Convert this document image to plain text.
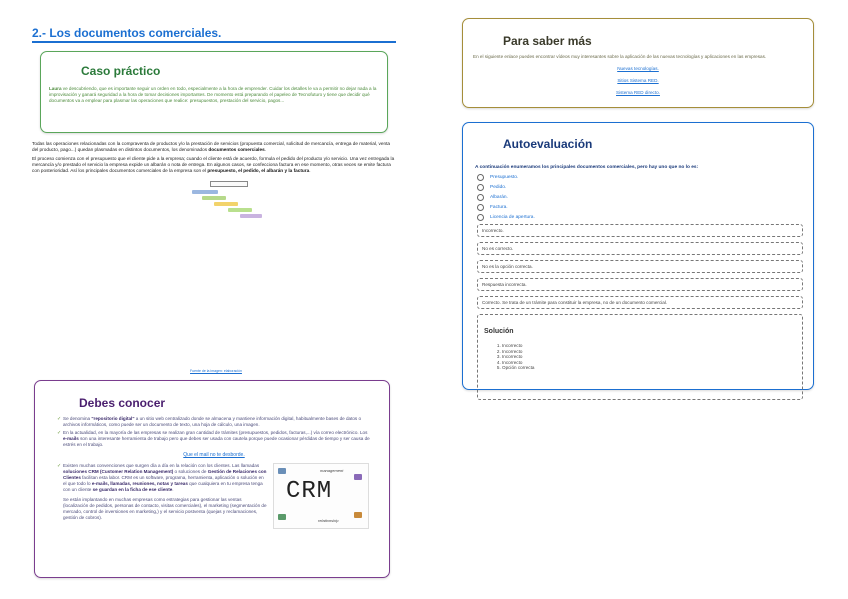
2.- Los documentos comerciales.
Caso práctico

Laura ve descubriendo, que es importante seguir un orden en todo, especialmente a la hora de emprender. Cuidar los detalles le va a permitir no dejar nada a la improvisación y ganará seguridad a la hora de tomar decisiones importantes. De momento está preparando el papeleo de Tecnofuturo y tiene que decidir qué documentos va a emplear para plasmar las operaciones que realice: presupuestos, prestación del servicio, pagos...

Todas las operaciones relacionadas con la compraventa de productos y/o la prestación de servicios (propuesta comercial, solicitud de mercancía, entrega de material, venta del producto, pago...) quedan plasmadas en distintos documentos, los denominados documentos comerciales.

El proceso comienza con el presupuesto que el cliente pide a la empresa; cuando el cliente está de acuerdo, formula el pedido del producto y/o servicio. Una vez entregada la mercancía y/o prestado el servicio la empresa expide un albarán o nota de entrega. En algunos casos, se confecciona factura en ese momento, otras veces se emite factura con posterioridad. Así los principales documentos comerciales de la empresa son el presupuesto, el pedido, el albarán y la factura.

Fuente de la imagen: elaboración
Debes conocer
✓ Se denomina "repositorio digital" a un sitio web centralizado donde se almacena y mantiene información digital, habitualmente bases de datos o archivos informáticos, como puede ser un documento de texto, una hoja de cálculo, una imagen.
✓ En la actualidad, en la mayoría de las empresas se realizan gran cantidad de trámites (presupuestos, pedidos, facturas,...) vía correo electrónico. Los e-mails son una interesante herramienta de trabajo pero que debes ser usada con cautela porque puede ocasionar pérdidas de tiempo y ser causa de estrés en el trabajo.
Que el mail no te desborde.
✓ Existen muchas convenciones que surgen día a día en la relación con los clientes. Las llamadas soluciones CRM (Customer Relation Management) o soluciones de Gestión de Relaciones con Clientes facilitan esta labor. CRM es un software, programa, herramienta, aplicación o solución en el que todo lo e-mails, llamadas, reuniones, notas y tareas que cualquiera en tu empresa tenga con un cliente se guardan en la ficha de ese cliente.
Se están implantando en muchas empresas como estrategias para gestionar las ventas (localización de pedidos, personas de contacto, visitas comerciales), el marketing (segmentación de mercado, control de inversiones en marketing,) y el servicio postventa (quejas y reclamaciones, gestión de cobros).
management
CRM
relationship
Para saber más

En el siguiente enlace puedes encontrar vídeos muy interesantes sobre la aplicación de las nuevas tecnologías y aplicaciones en las empresas.

Nuevas tecnologías.
Sitios Sistema RED.
Sistema RED directo.
Autoevaluación
A continuación enumeramos los principales documentos comerciales, pero hay uno que no lo es:
Presupuesto.
Pedido.
Albarán.
Factura.
Licencia de apertura.
Incorrecto.
No es correcto.
No es la opción correcta.
Respuesta incorrecta.
Correcto. Se trata de un trámite para constituir la empresa, no de un documento comercial.
Solución
1. Incorrecto
2. Incorrecto
3. Incorrecto
4. Incorrecto
5. Opción correcta
